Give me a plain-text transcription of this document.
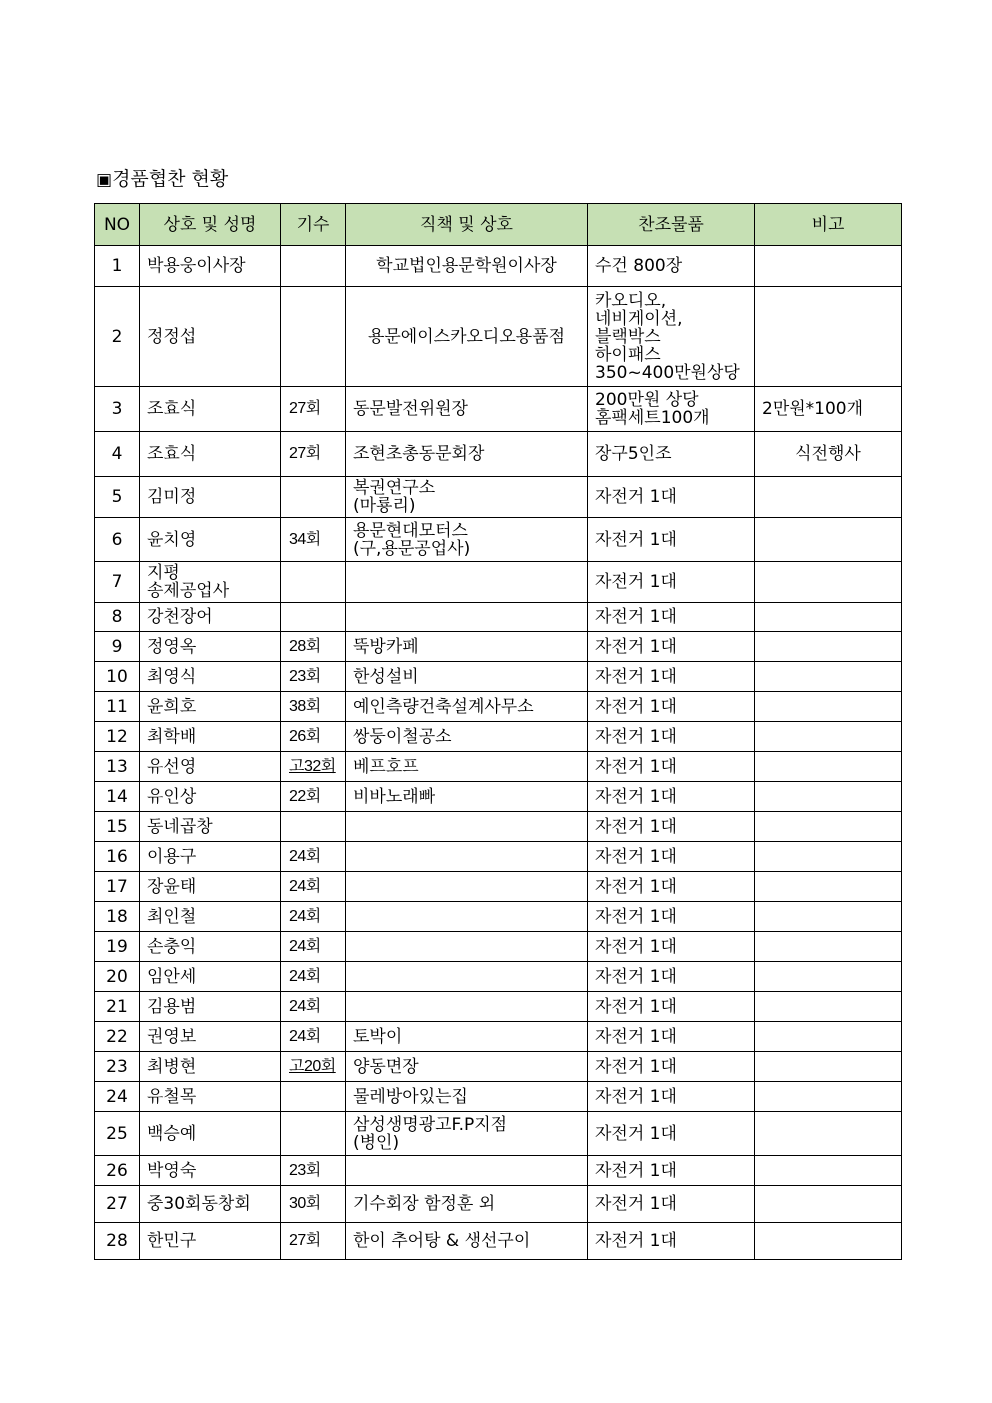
▣경품협찬 현황
NO	상호 및 성명	기수	직책 및 상호	찬조물품	비고
1	박용웅이사장		학교법인용문학원이사장	수건 800장	
2	정정섭		용문에이스카오디오용품점	카오디오,
네비게이션,
블랙박스
하이패스
350~400만원상당	
3	조효식	27회	동문발전위원장	200만원 상당
홈팩세트100개	2만원*100개
4	조효식	27회	조현초총동문회장	장구5인조	식전행사
5	김미정		복권연구소
(마룡리)	자전거 1대	
6	윤치영	34회	용문현대모터스
(구,용문공업사)	자전거 1대	
7	지평
송제공업사			자전거 1대	
8	강천장어			자전거 1대	
9	정영옥	28회	뚝방카페	자전거 1대	
10	최영식	23회	한성설비	자전거 1대	
11	윤희호	38회	예인측량건축설계사무소	자전거 1대	
12	최학배	26회	쌍둥이철공소	자전거 1대	
13	유선영	고32회	베프호프	자전거 1대	
14	유인상	22회	비바노래빠	자전거 1대	
15	동네곱창			자전거 1대	
16	이용구	24회		자전거 1대	
17	장윤태	24회		자전거 1대	
18	최인철	24회		자전거 1대	
19	손충익	24회		자전거 1대	
20	임안세	24회		자전거 1대	
21	김용범	24회		자전거 1대	
22	권영보	24회	토박이	자전거 1대	
23	최병현	고20회	양동면장	자전거 1대	
24	유철목		물레방아있는집	자전거 1대	
25	백승예		삼성생명광고F.P지점
(병인)	자전거 1대	
26	박영숙	23회		자전거 1대	
27	중30회동창회	30회	기수회장 함정훈 외	자전거 1대	
28	한민구	27회	한이 추어탕 & 생선구이	자전거 1대	
